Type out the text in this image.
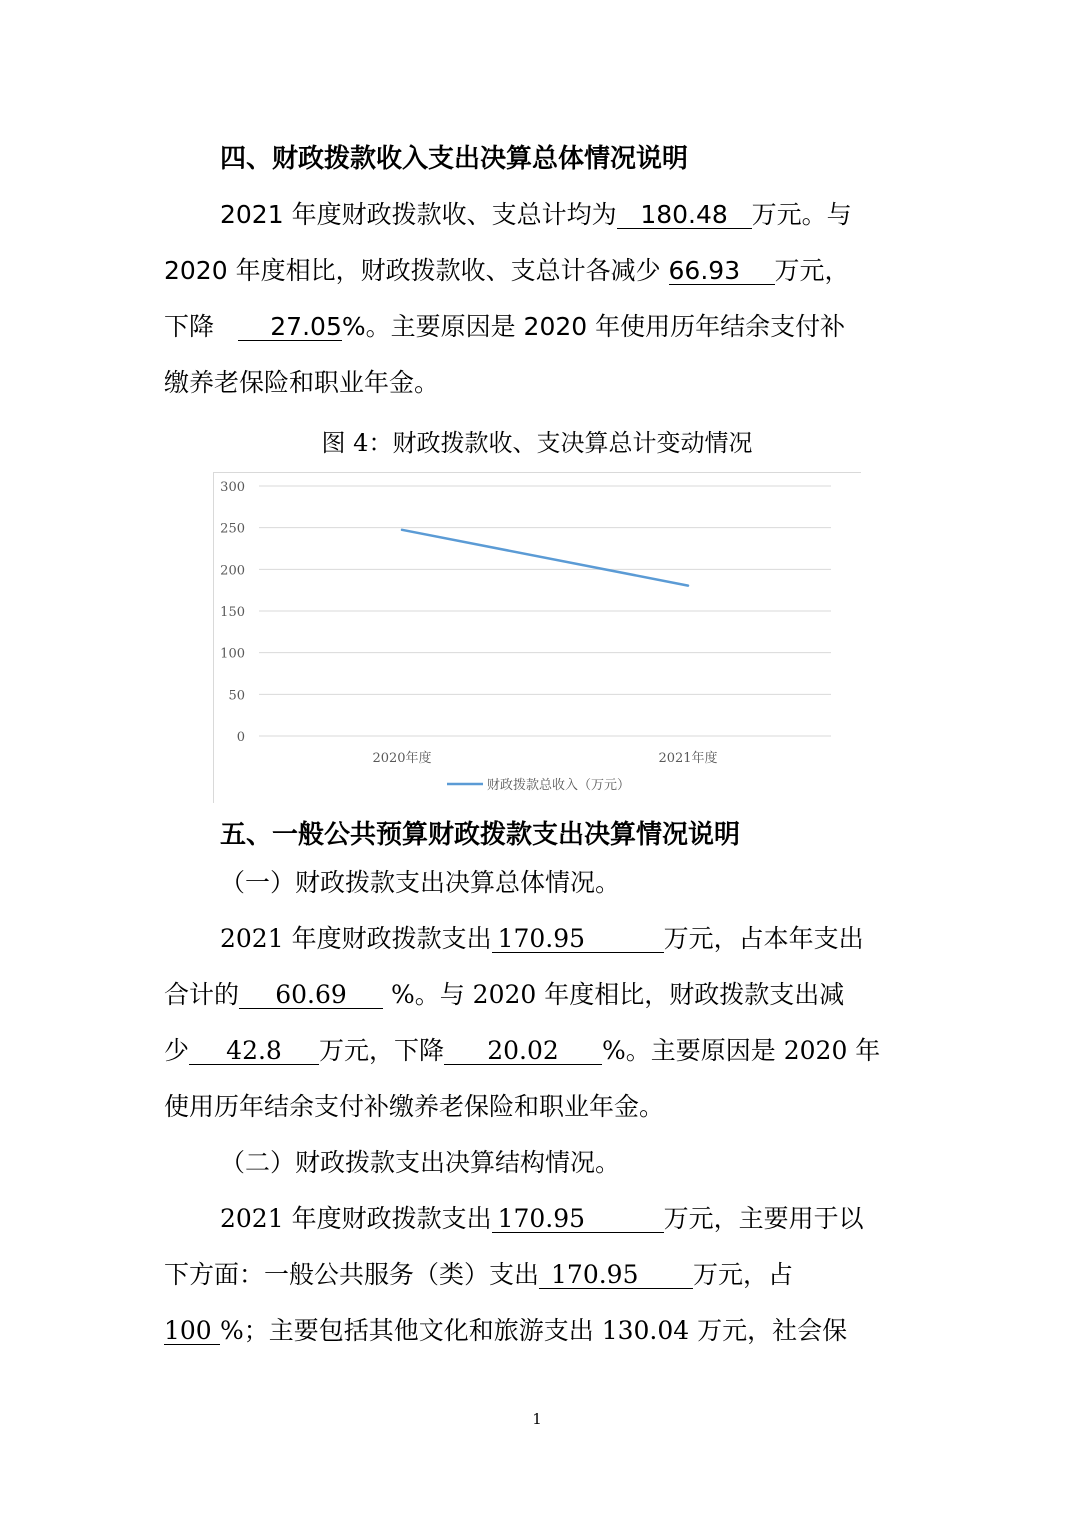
四、财政拨款收入支出决算总体情况说明
2021 年度财政拨款收、支总计均为 180.48 万元。与
2020 年度相比，财政拨款收、支总计各减少 66.93 万元，
下降 27.05%。主要原因是 2020 年使用历年结余支付补
缴养老保险和职业年金。
图 4：财政拨款收、支决算总计变动情况
0
50
100
150
200
250
300
2020年度	2021年度
财政拨款总收入（万元）
五、一般公共预算财政拨款支出决算情况说明
（一）财政拨款支出决算总体情况。
2021 年度财政拨款支出 170.95	万元，占本年支出
合计的 60.69 %。与 2020 年度相比，财政拨款支出减
少 42.8 万元，下降 20.02 %。主要原因是 2020 年
使用历年结余支付补缴养老保险和职业年金。
（二）财政拨款支出决算结构情况。
2021 年度财政拨款支出 170.95	万元，主要用于以
下方面：一般公共服务（类）支出 170.95 万元，占
100 %；主要包括其他文化和旅游支出 130.04 万元，社会保
1
